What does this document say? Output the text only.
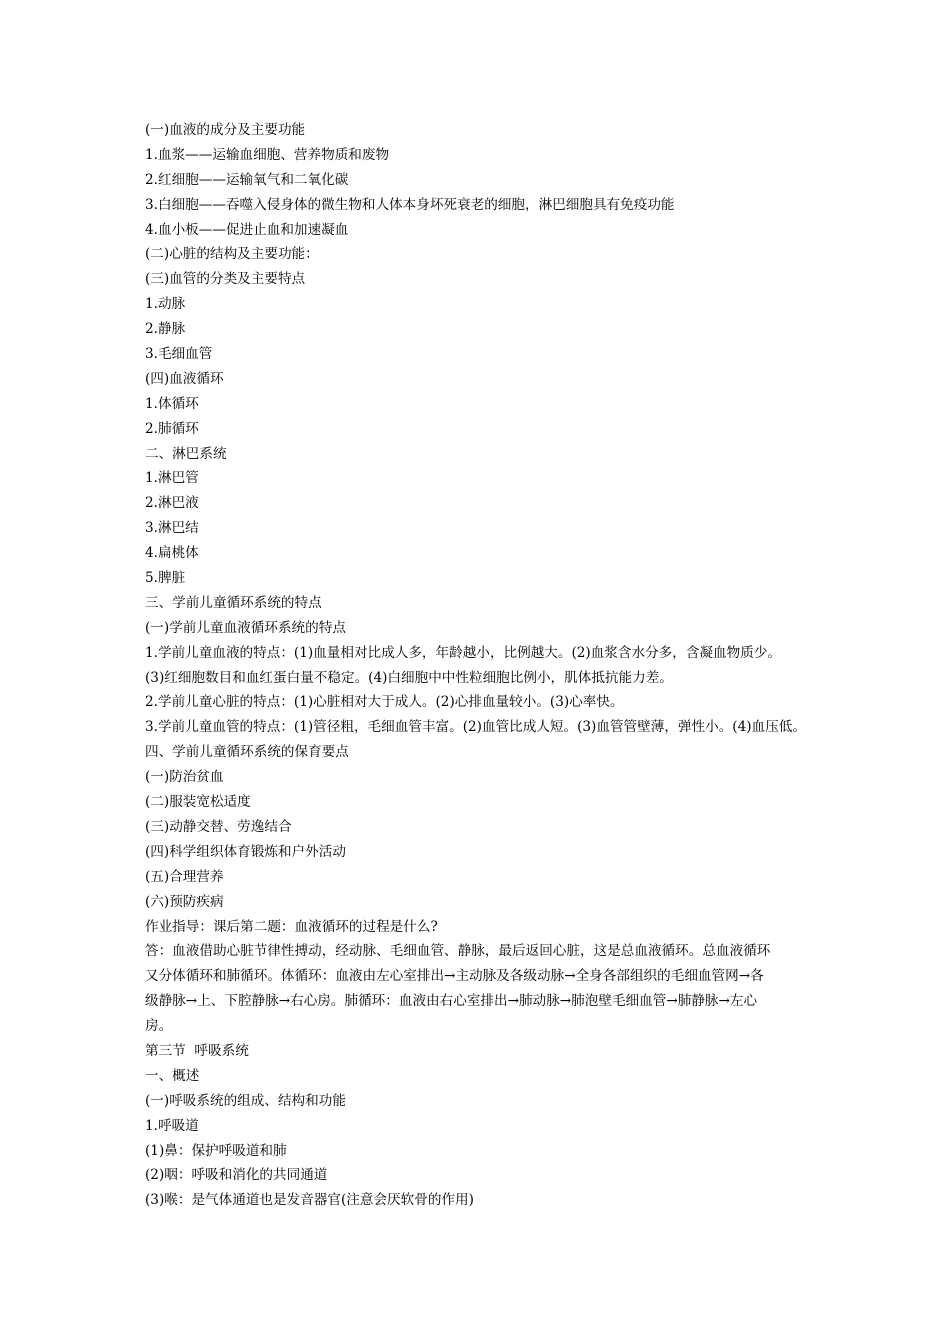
(一)血液的成分及主要功能
1.血浆——运输血细胞、营养物质和废物
2.红细胞——运输氧气和二氧化碳
3.白细胞——吞噬入侵身体的微生物和人体本身坏死衰老的细胞，淋巴细胞具有免疫功能
4.血小板——促进止血和加速凝血
(二)心脏的结构及主要功能：
(三)血管的分类及主要特点
1.动脉
2.静脉
3.毛细血管
(四)血液循环
1.体循环
2.肺循环
二、淋巴系统
1.淋巴管
2.淋巴液
3.淋巴结
4.扁桃体
5.脾脏
三、学前儿童循环系统的特点
(一)学前儿童血液循环系统的特点
1.学前儿童血液的特点：(1)血量相对比成人多，年龄越小，比例越大。(2)血浆含水分多，含凝血物质少。
(3)红细胞数目和血红蛋白量不稳定。(4)白细胞中中性粒细胞比例小，肌体抵抗能力差。
2.学前儿童心脏的特点：(1)心脏相对大于成人。(2)心排血量较小。(3)心率快。
3.学前儿童血管的特点：(1)管径粗，毛细血管丰富。(2)血管比成人短。(3)血管管壁薄，弹性小。(4)血压低。
四、学前儿童循环系统的保育要点
(一)防治贫血
(二)服装宽松适度
(三)动静交替、劳逸结合
(四)科学组织体育锻炼和户外活动
(五)合理营养
(六)预防疾病
作业指导：课后第二题：血液循环的过程是什么?
答：血液借助心脏节律性搏动，经动脉、毛细血管、静脉，最后返回心脏，这是总血液循环。总血液循环
又分体循环和肺循环。体循环：血液由左心室排出→主动脉及各级动脉→全身各部组织的毛细血管网→各
级静脉→上、下腔静脉→右心房。肺循环：血液由右心室排出→肺动脉→肺泡壁毛细血管→肺静脉→左心
房。
第三节  呼吸系统
一、概述
(一)呼吸系统的组成、结构和功能
1.呼吸道
(1)鼻：保护呼吸道和肺
(2)咽：呼吸和消化的共同通道
(3)喉：是气体通道也是发音器官(注意会厌软骨的作用)
